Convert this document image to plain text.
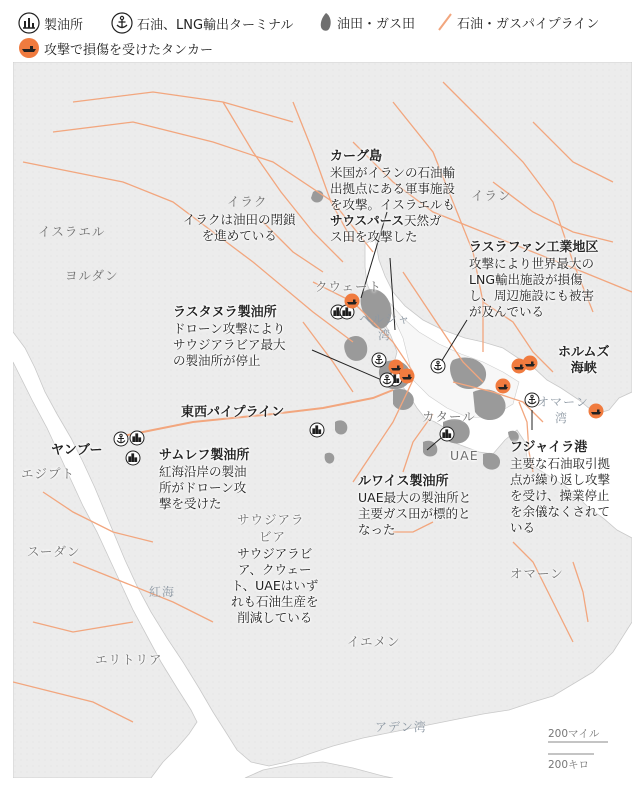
製油所	石油、LNG輸出ターミナル	油田・ガス田	石油・ガスパイプライン
攻撃で損傷を受けたタンカー
イスラエル
ヨルダン
イラク	イラン
クウェート
カタール
UAE
オマーン
サウジアラ
ビア
イエメン
エジプト
スーダン
エリトリア
ペルシャ
湾
オマーン
湾
紅海
アデン湾
カーグ島
米国がイランの石油輸
出拠点にある軍事施設
を攻撃。イスラエルも
サウスパース天然ガ
ス田を攻撃した
イラクは油田の閉鎖
を進めている
ラスラファン工業地区
攻撃により世界最大の
LNG輸出施設が損傷
し、周辺施設にも被害
が及んでいる
ラスタヌラ製油所
ドローン攻撃により
サウジアラビア最大
の製油所が停止
ホルムズ
海峡
東西パイプライン
ヤンブー	サムレフ製油所
紅海沿岸の製油
所がドローン攻
撃を受けた
ルワイス製油所
UAE最大の製油所と
主要ガス田が標的と
なった
フジャイラ港
主要な石油取引拠
点が繰り返し攻撃
を受け、操業停止
を余儀なくされて
いる
サウジアラビ
ア、クウェー
ト、UAEはいず
れも石油生産を
削減している
200マイル
200キロ
